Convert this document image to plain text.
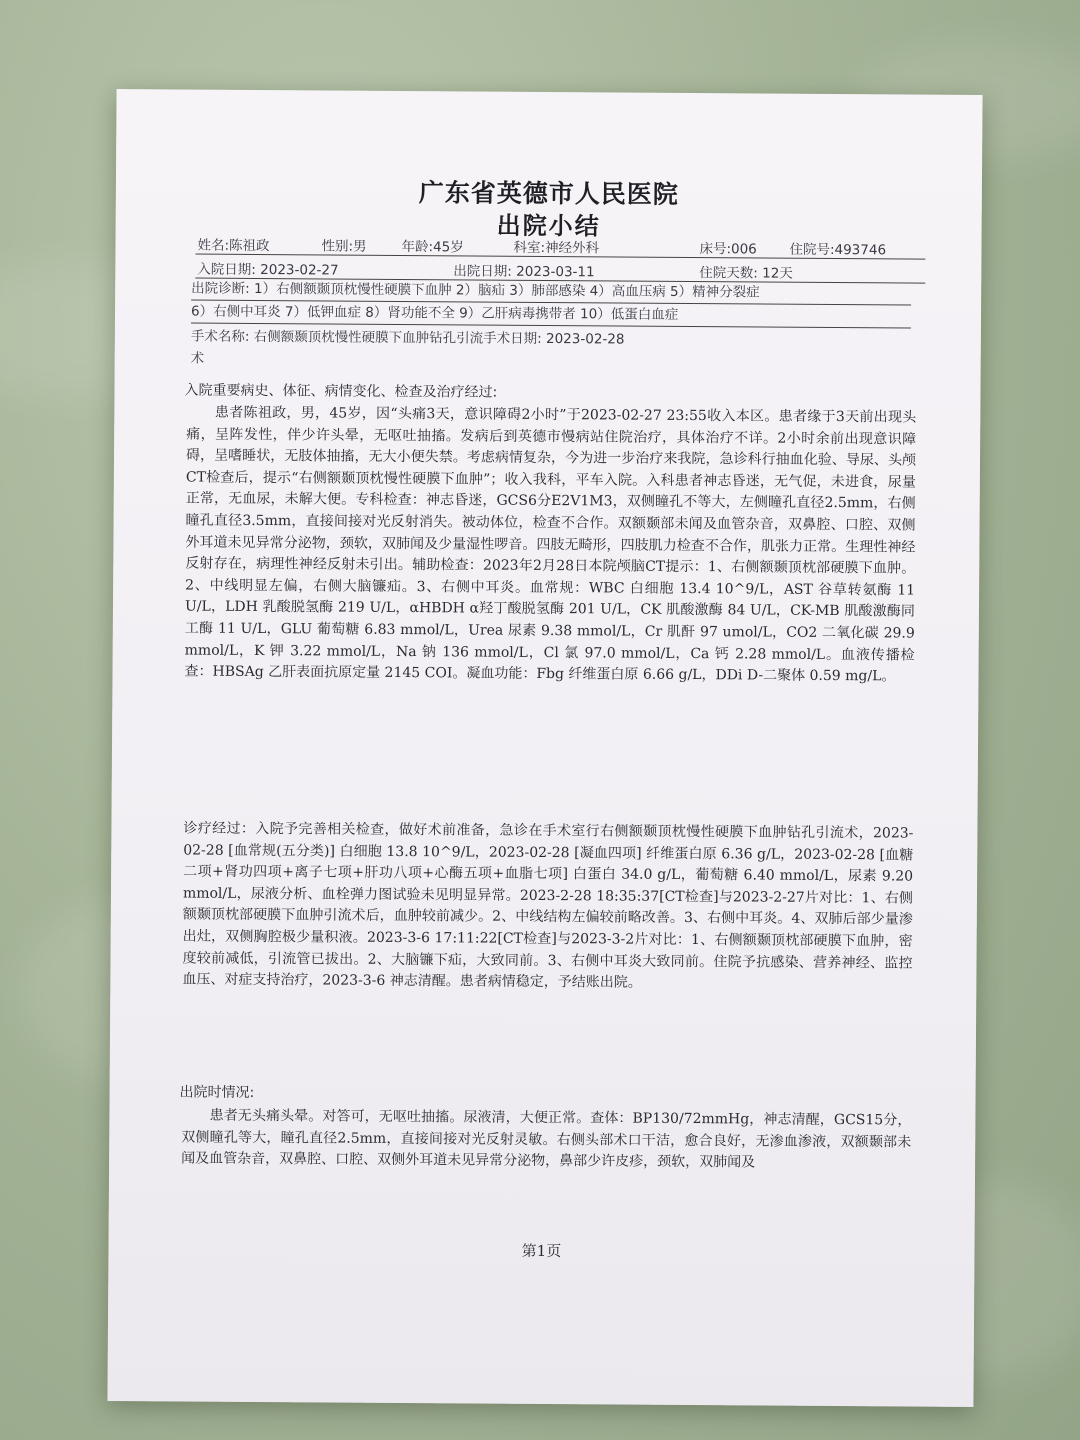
广东省英德市人民医院
出院小结
姓名:陈祖政	性别:男	年龄:45岁	科室:神经外科	床号:006 住院号:493746
入院日期: 2023-02-27	出院日期: 2023-03-11	住院天数: 12天
出院诊断: 1）右侧额颞顶枕慢性硬膜下血肿 2）脑疝 3）肺部感染 4）高血压病 5）精神分裂症
6）右侧中耳炎 7）低钾血症 8）肾功能不全 9）乙肝病毒携带者 10）低蛋白血症
手术名称: 右侧额颞顶枕慢性硬膜下血肿钻孔引流手术日期: 2023-02-28
术
入院重要病史、体征、病情变化、检查及治疗经过:
　　患者陈祖政，男，45岁，因“头痛3天，意识障碍2小时”于2023-02-27 23:55收入本区。患者缘于3天前出现头痛，呈阵发性，伴少许头晕，无呕吐抽搐。发病后到英德市慢病站住院治疗，具体治疗不详。2小时余前出现意识障碍，呈嗜睡状，无肢体抽搐，无大小便失禁。考虑病情复杂，今为进一步治疗来我院，急诊科行抽血化验、导尿、头颅CT检查后，提示“右侧额颞顶枕慢性硬膜下血肿”；收入我科，平车入院。入科患者神志昏迷，无气促，未进食，尿量正常，无血尿，未解大便。专科检查：神志昏迷，GCS6分E2V1M3，双侧瞳孔不等大，左侧瞳孔直径2.5mm，右侧瞳孔直径3.5mm，直接间接对光反射消失。被动体位，检查不合作。双额颞部未闻及血管杂音，双鼻腔、口腔、双侧外耳道未见异常分泌物，颈软，双肺闻及少量湿性啰音。四肢无畸形，四肢肌力检查不合作，肌张力正常。生理性神经反射存在，病理性神经反射未引出。辅助检查：2023年2月28日本院颅脑CT提示：1、右侧额颞顶枕部硬膜下血肿。2、中线明显左偏，右侧大脑镰疝。3、右侧中耳炎。血常规：WBC 白细胞 13.4 10^9/L，AST 谷草转氨酶 11 U/L，LDH 乳酸脱氢酶 219 U/L，αHBDH α羟丁酸脱氢酶 201 U/L，CK 肌酸激酶 84 U/L，CK-MB 肌酸激酶同工酶 11 U/L，GLU 葡萄糖 6.83 mmol/L，Urea 尿素 9.38 mmol/L，Cr 肌酐 97 umol/L，CO2 二氧化碳 29.9 mmol/L，K 钾 3.22 mmol/L，Na 钠 136 mmol/L，Cl 氯 97.0 mmol/L，Ca 钙 2.28 mmol/L。血液传播检查：HBSAg 乙肝表面抗原定量 2145 COI。凝血功能：Fbg 纤维蛋白原 6.66 g/L，DDi D-二聚体 0.59 mg/L。
诊疗经过：入院予完善相关检查，做好术前准备，急诊在手术室行右侧额颞顶枕慢性硬膜下血肿钻孔引流术，2023-02-28 [血常规(五分类)] 白细胞 13.8 10^9/L，2023-02-28 [凝血四项] 纤维蛋白原 6.36 g/L，2023-02-28 [血糖二项+肾功四项+离子七项+肝功八项+心酶五项+血脂七项] 白蛋白 34.0 g/L，葡萄糖 6.40 mmol/L，尿素 9.20 mmol/L，尿液分析、血栓弹力图试验未见明显异常。2023-2-28 18:35:37[CT检查]与2023-2-27片对比：1、右侧额颞顶枕部硬膜下血肿引流术后，血肿较前减少。2、中线结构左偏较前略改善。3、右侧中耳炎。4、双肺后部少量渗出灶，双侧胸腔极少量积液。2023-3-6 17:11:22[CT检查]与2023-3-2片对比：1、右侧额颞顶枕部硬膜下血肿，密度较前减低，引流管已拔出。2、大脑镰下疝，大致同前。3、右侧中耳炎大致同前。住院予抗感染、营养神经、监控血压、对症支持治疗，2023-3-6 神志清醒。患者病情稳定，予结账出院。
出院时情况:
　　患者无头痛头晕。对答可，无呕吐抽搐。尿液清，大便正常。查体：BP130/72mmHg，神志清醒，GCS15分，双侧瞳孔等大，瞳孔直径2.5mm，直接间接对光反射灵敏。右侧头部术口干洁，愈合良好，无渗血渗液，双额颞部未闻及血管杂音，双鼻腔、口腔、双侧外耳道未见异常分泌物，鼻部少许皮疹，颈软，双肺闻及
第1页
